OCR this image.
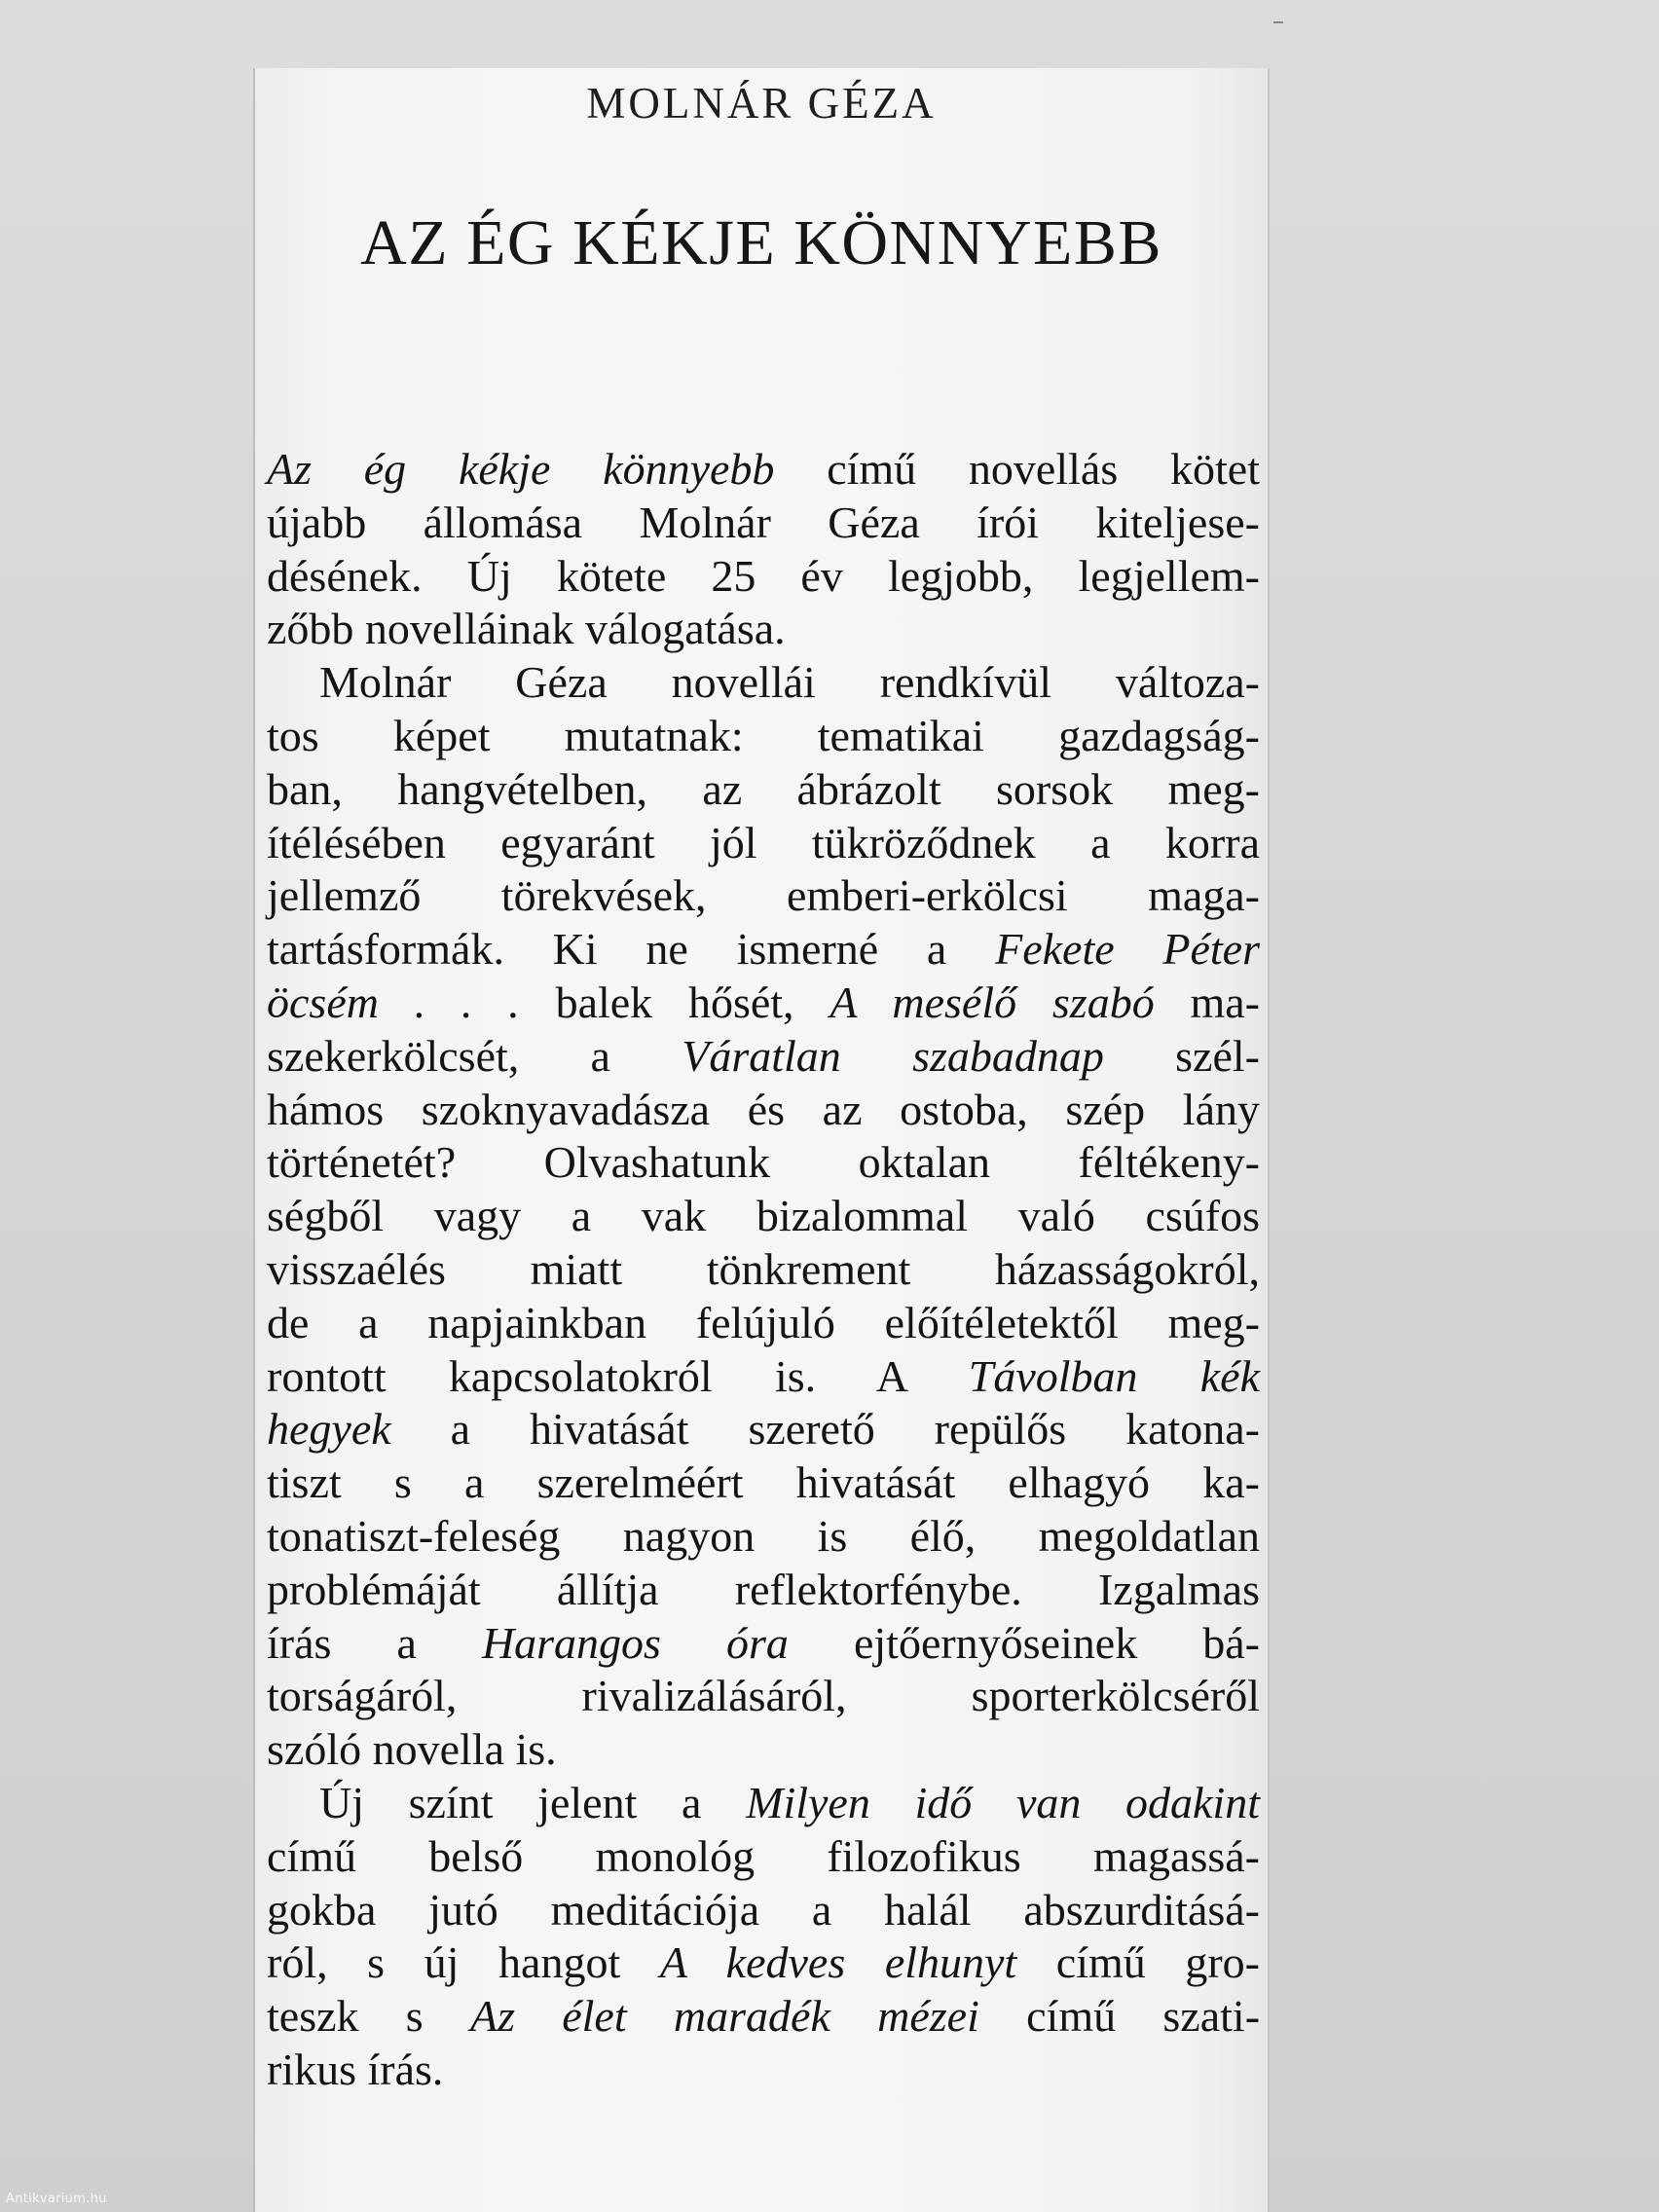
MOLNÁR GÉZA
AZ ÉG KÉKJE KÖNNYEBB
Az ég kékje könnyebb című novellás kötet
újabb állomása Molnár Géza írói kiteljese-
désének. Új kötete 25 év legjobb, legjellem-
zőbb novelláinak válogatása.
Molnár Géza novellái rendkívül változa-
tos képet mutatnak: tematikai gazdagság-
ban, hangvételben, az ábrázolt sorsok meg-
ítélésében egyaránt jól tükröződnek a korra
jellemző törekvések, emberi-erkölcsi maga-
tartásformák. Ki ne ismerné a Fekete Péter
öcsém . . . balek hősét, A mesélő szabó ma-
szekerkölcsét, a Váratlan szabadnap szél-
hámos szoknyavadásza és az ostoba, szép lány
történetét? Olvashatunk oktalan féltékeny-
ségből vagy a vak bizalommal való csúfos
visszaélés miatt tönkrement házasságokról,
de a napjainkban felújuló előítéletektől meg-
rontott kapcsolatokról is. A Távolban kék
hegyek a hivatását szerető repülős katona-
tiszt s a szerelméért hivatását elhagyó ka-
tonatiszt-feleség nagyon is élő, megoldatlan
problémáját állítja reflektorfénybe. Izgalmas
írás a Harangos óra ejtőernyőseinek bá-
torságáról, rivalizálásáról, sporterkölcséről
szóló novella is.
Új színt jelent a Milyen idő van odakint
című belső monológ filozofikus magassá-
gokba jutó meditációja a halál abszurditásá-
ról, s új hangot A kedves elhunyt című gro-
teszk s Az élet maradék mézei című szati-
rikus írás.
Antikvarium.hu
